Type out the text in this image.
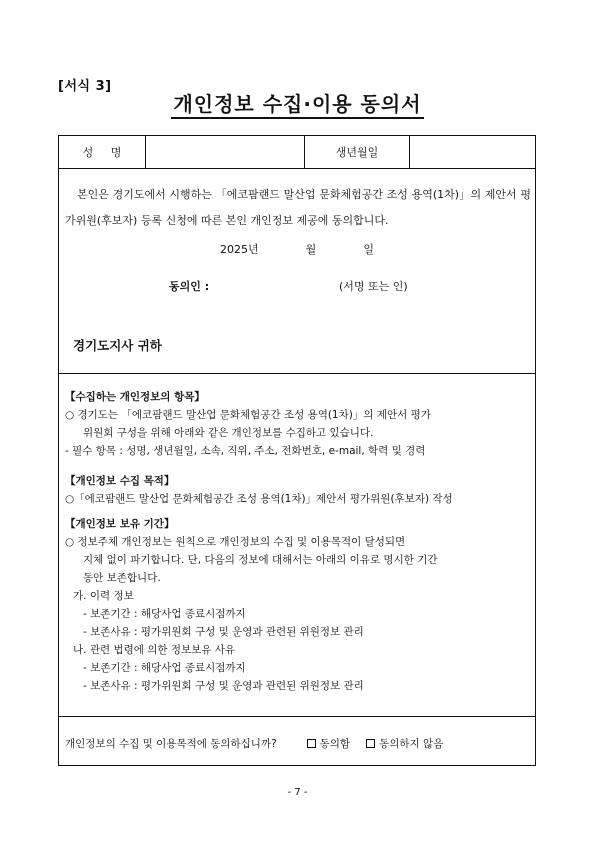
[서식 3]
개인정보 수집·이용 동의서
성     명	생년월일
본인은 경기도에서 시행하는 「에코팜랜드 말산업 문화체험공간 조성 용역(1차)」의 제안서 평가위원(후보자) 등록 신청에 따른 본인 개인정보 제공에 동의합니다.
2025년	월	일
동의인 :	(서명 또는 인)
경기도지사 귀하
【수집하는 개인정보의 항목】
○ 경기도는 「에코팜랜드 말산업 문화체험공간 조성 용역(1차)」의 제안서 평가
위원회 구성을 위해 아래와 같은 개인정보를 수집하고 있습니다.
- 필수 항목 : 성명, 생년월일, 소속, 직위, 주소, 전화번호, e-mail, 학력 및 경력
【개인정보 수집 목적】
○「에코팜랜드 말산업 문화체험공간 조성 용역(1차)」제안서 평가위원(후보자) 작성
【개인정보 보유 기간】
○ 정보주체 개인정보는 원칙으로 개인정보의 수집 및 이용목적이 달성되면
지체 없이 파기합니다. 단, 다음의 정보에 대해서는 아래의 이유로 명시한 기간
동안 보존합니다.
가. 이력 정보
- 보존기간 : 해당사업 종료시점까지
- 보존사유 : 평가위원회 구성 및 운영과 관련된 위원정보 관리
나. 관련 법령에 의한 정보보유 사유
- 보존기간 : 해당사업 종료시점까지
- 보존사유 : 평가위원회 구성 및 운영과 관련된 위원정보 관리
개인정보의 수집 및 이용목적에 동의하십니까?	동의함	동의하지 않음
- 7 -
